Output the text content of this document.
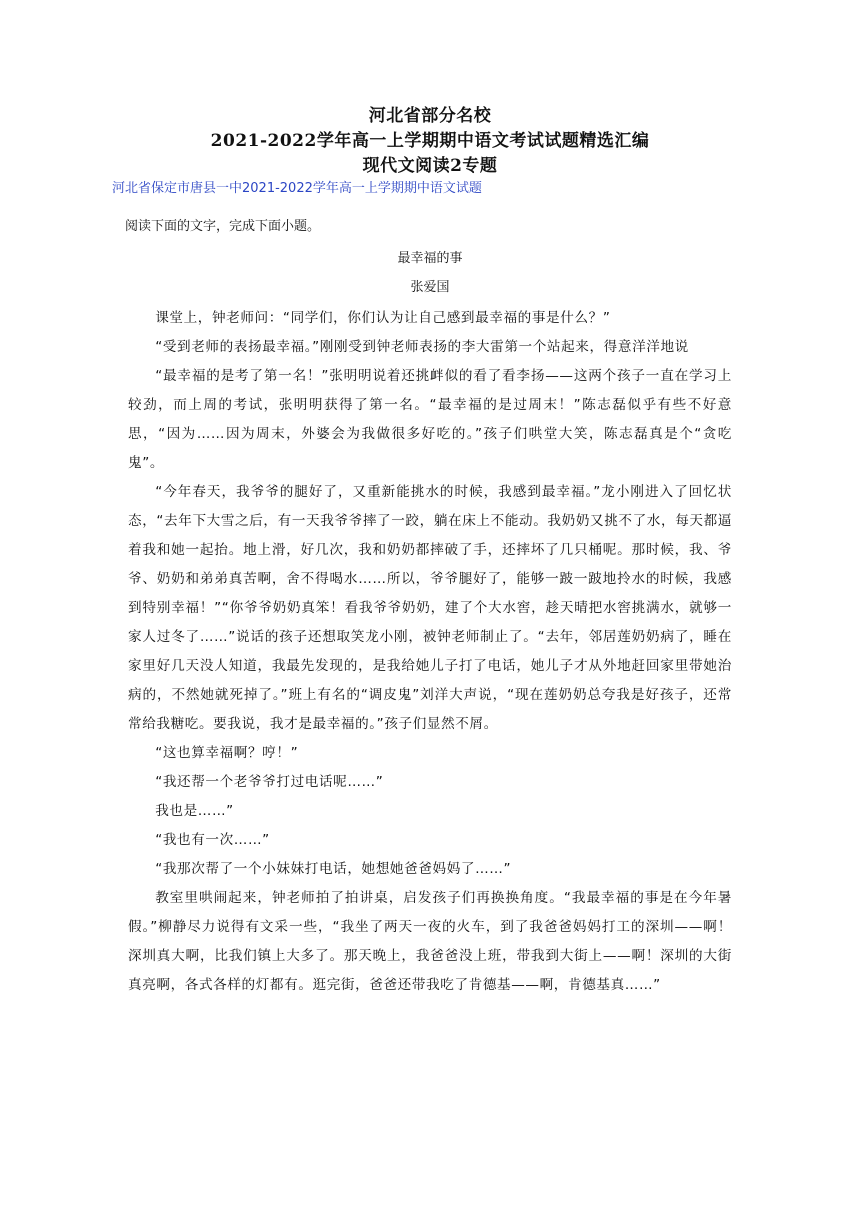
河北省部分名校
2021-2022学年高一上学期期中语文考试试题精选汇编
现代文阅读2专题
河北省保定市唐县一中2021-2022学年高一上学期期中语文试题
阅读下面的文字，完成下面小题。
最幸福的事
张爱国

课堂上，钟老师问：“同学们，你们认为让自己感到最幸福的事是什么？”

“受到老师的表扬最幸福。”刚刚受到钟老师表扬的李大雷第一个站起来，得意洋洋地说

“最幸福的是考了第一名！”张明明说着还挑衅似的看了看李扬——这两个孩子一直在学习上较劲，而上周的考试，张明明获得了第一名。“最幸福的是过周末！”陈志磊似乎有些不好意思，“因为……因为周末，外婆会为我做很多好吃的。”孩子们哄堂大笑，陈志磊真是个“贪吃鬼”。

“今年春天，我爷爷的腿好了，又重新能挑水的时候，我感到最幸福。”龙小刚进入了回忆状态，“去年下大雪之后，有一天我爷爷摔了一跤，躺在床上不能动。我奶奶又挑不了水，每天都逼着我和她一起抬。地上滑，好几次，我和奶奶都摔破了手，还摔坏了几只桶呢。那时候，我、爷爷、奶奶和弟弟真苦啊，舍不得喝水……所以，爷爷腿好了，能够一跛一跛地拎水的时候，我感到特别幸福！”“你爷爷奶奶真笨！看我爷爷奶奶，建了个大水窖，趁天晴把水窖挑满水，就够一家人过冬了……”说话的孩子还想取笑龙小刚，被钟老师制止了。“去年，邻居莲奶奶病了，睡在家里好几天没人知道，我最先发现的，是我给她儿子打了电话，她儿子才从外地赶回家里带她治病的，不然她就死掉了。”班上有名的“调皮鬼”刘洋大声说，“现在莲奶奶总夸我是好孩子，还常常给我糖吃。要我说，我才是最幸福的。”孩子们显然不屑。

“这也算幸福啊？哼！”

“我还帮一个老爷爷打过电话呢……”

我也是……”

“我也有一次……”

“我那次帮了一个小妹妹打电话，她想她爸爸妈妈了……”

教室里哄闹起来，钟老师拍了拍讲桌，启发孩子们再换换角度。“我最幸福的事是在今年暑假。”柳静尽力说得有文采一些，“我坐了两天一夜的火车，到了我爸爸妈妈打工的深圳——啊！深圳真大啊，比我们镇上大多了。那天晚上，我爸爸没上班，带我到大街上——啊！深圳的大街真亮啊，各式各样的灯都有。逛完街，爸爸还带我吃了肯德基——啊，肯德基真……”
